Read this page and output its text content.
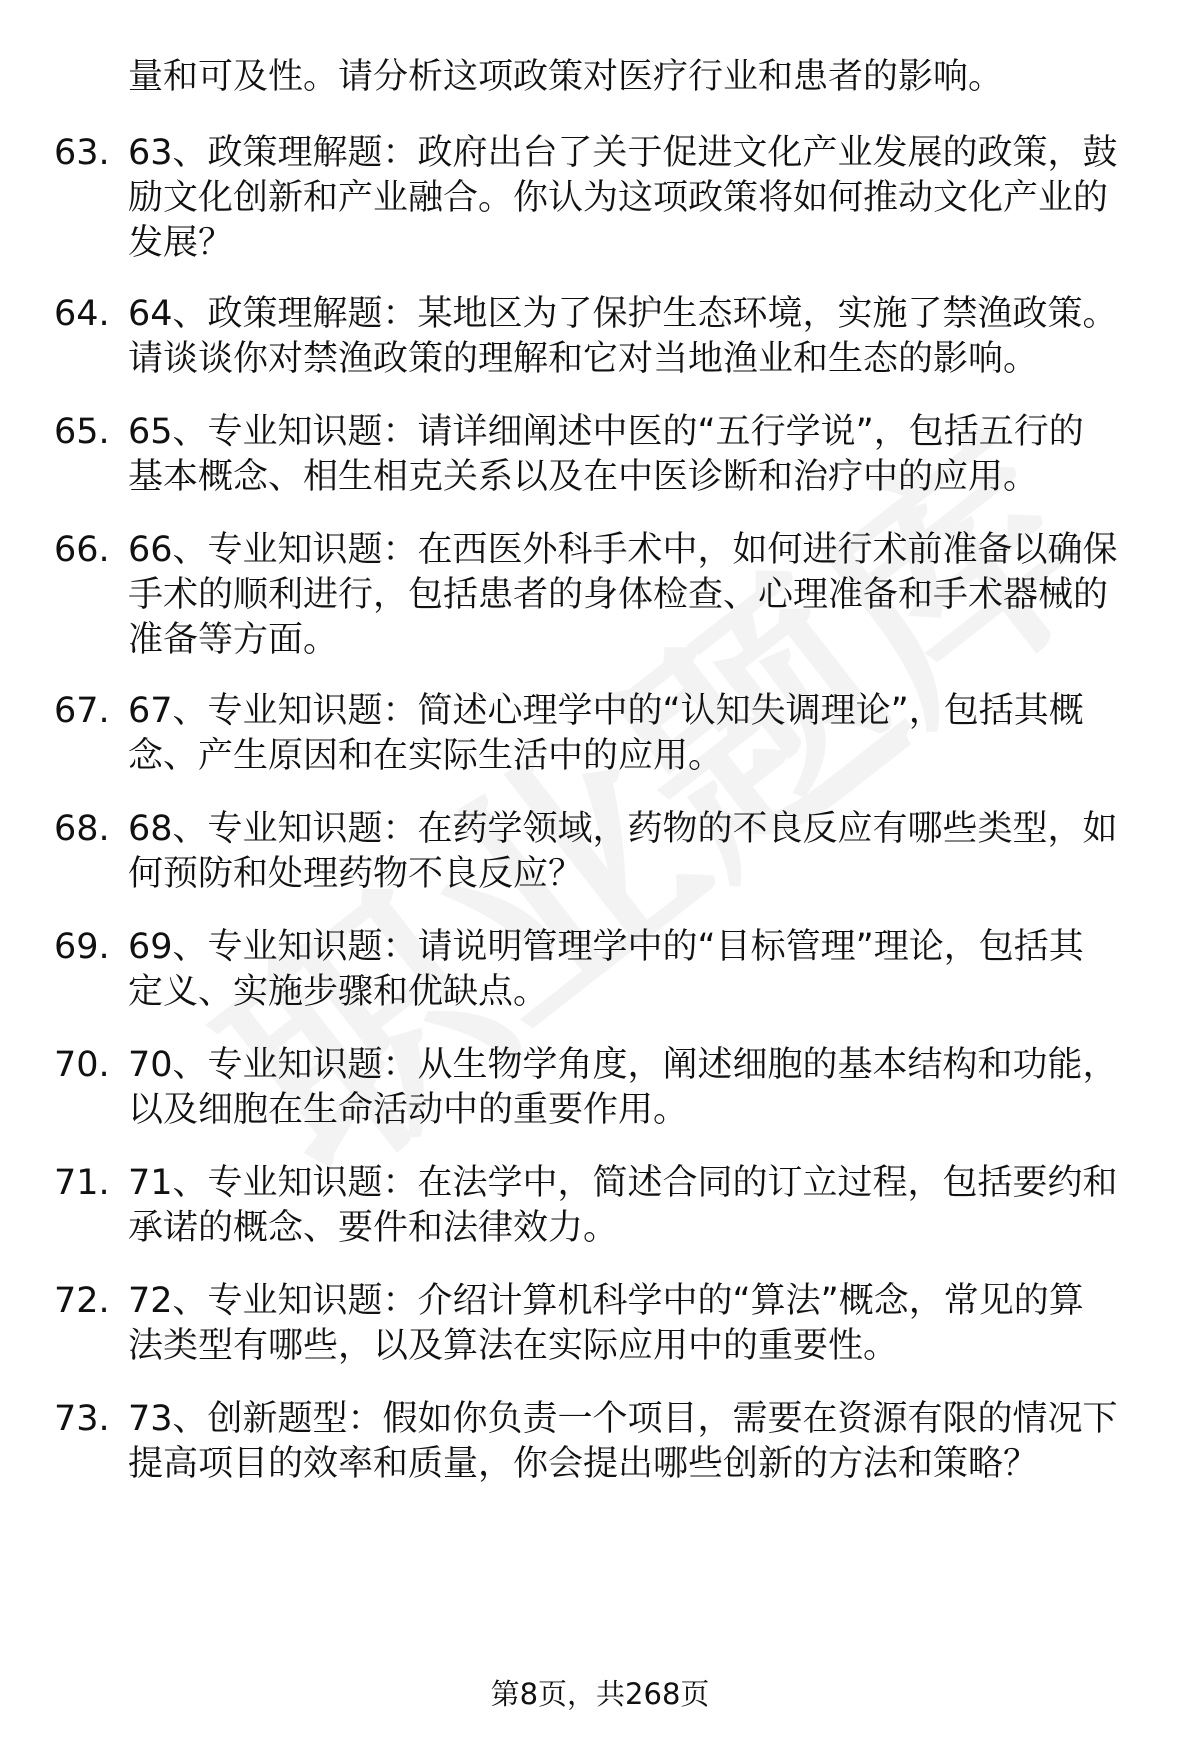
量和可及性。请分析这项政策对医疗行业和患者的影响。
63. 63、政策理解题：政府出台了关于促进文化产业发展的政策，鼓
励文化创新和产业融合。你认为这项政策将如何推动文化产业的
发展？
64. 64、政策理解题：某地区为了保护生态环境，实施了禁渔政策。
请谈谈你对禁渔政策的理解和它对当地渔业和生态的影响。
65. 65、专业知识题：请详细阐述中医的“五行学说”，包括五行的
基本概念、相生相克关系以及在中医诊断和治疗中的应用。
66. 66、专业知识题：在西医外科手术中，如何进行术前准备以确保
手术的顺利进行，包括患者的身体检查、心理准备和手术器械的
准备等方面。
67. 67、专业知识题：简述心理学中的“认知失调理论”，包括其概
念、产生原因和在实际生活中的应用。
68. 68、专业知识题：在药学领域，药物的不良反应有哪些类型，如
何预防和处理药物不良反应？
69. 69、专业知识题：请说明管理学中的“目标管理”理论，包括其
定义、实施步骤和优缺点。
70. 70、专业知识题：从生物学角度，阐述细胞的基本结构和功能，
以及细胞在生命活动中的重要作用。
71. 71、专业知识题：在法学中，简述合同的订立过程，包括要约和
承诺的概念、要件和法律效力。
72. 72、专业知识题：介绍计算机科学中的“算法”概念，常见的算
法类型有哪些，以及算法在实际应用中的重要性。
73. 73、创新题型：假如你负责一个项目，需要在资源有限的情况下
提高项目的效率和质量，你会提出哪些创新的方法和策略？
第8页，共268页
